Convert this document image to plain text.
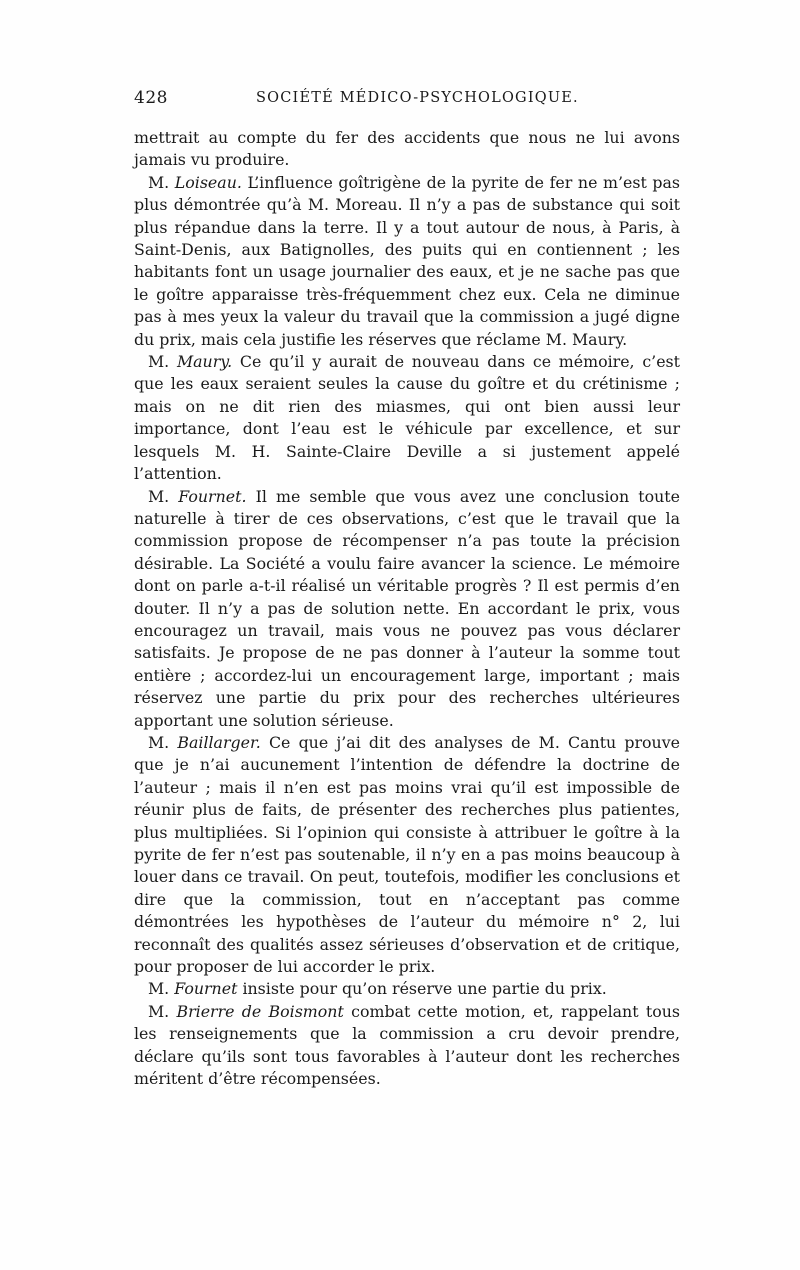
428	SOCIÉTÉ MÉDICO-PSYCHOLOGIQUE.

mettrait au compte du fer des accidents que nous ne lui avons jamais vu produire.

M. Loiseau. L’influence goîtrigène de la pyrite de fer ne m’est pas plus démontrée qu’à M. Moreau. Il n’y a pas de substance qui soit plus répandue dans la terre. Il y a tout autour de nous, à Paris, à Saint-Denis, aux Batignolles, des puits qui en contiennent ; les habitants font un usage journalier des eaux, et je ne sache pas que le goître apparaisse très-fréquemment chez eux. Cela ne diminue pas à mes yeux la valeur du travail que la commission a jugé digne du prix, mais cela justifie les réserves que réclame M. Maury.

M. Maury. Ce qu’il y aurait de nouveau dans ce mémoire, c’est que les eaux seraient seules la cause du goître et du crétinisme ; mais on ne dit rien des miasmes, qui ont bien aussi leur importance, dont l’eau est le véhicule par excellence, et sur lesquels M. H. Sainte-Claire Deville a si justement appelé l’attention.

M. Fournet. Il me semble que vous avez une conclusion toute naturelle à tirer de ces observations, c’est que le travail que la commission propose de récompenser n’a pas toute la précision désirable. La Société a voulu faire avancer la science. Le mémoire dont on parle a-t-il réalisé un véritable progrès ? Il est permis d’en douter. Il n’y a pas de solution nette. En accordant le prix, vous encouragez un travail, mais vous ne pouvez pas vous déclarer satisfaits. Je propose de ne pas donner à l’auteur la somme tout entière ; accordez-lui un encouragement large, important ; mais réservez une partie du prix pour des recherches ultérieures apportant une solution sérieuse.

M. Baillarger. Ce que j’ai dit des analyses de M. Cantu prouve que je n’ai aucunement l’intention de défendre la doctrine de l’auteur ; mais il n’en est pas moins vrai qu’il est impossible de réunir plus de faits, de présenter des recherches plus patientes, plus multipliées. Si l’opinion qui consiste à attribuer le goître à la pyrite de fer n’est pas soutenable, il n’y en a pas moins beaucoup à louer dans ce travail. On peut, toutefois, modifier les conclusions et dire que la commission, tout en n’acceptant pas comme démontrées les hypothèses de l’auteur du mémoire n° 2, lui reconnaît des qualités assez sérieuses d’observation et de critique, pour proposer de lui accorder le prix.

M. Fournet insiste pour qu’on réserve une partie du prix.

M. Brierre de Boismont combat cette motion, et, rappelant tous les renseignements que la commission a cru devoir prendre, déclare qu’ils sont tous favorables à l’auteur dont les recherches méritent d’être récompensées.
